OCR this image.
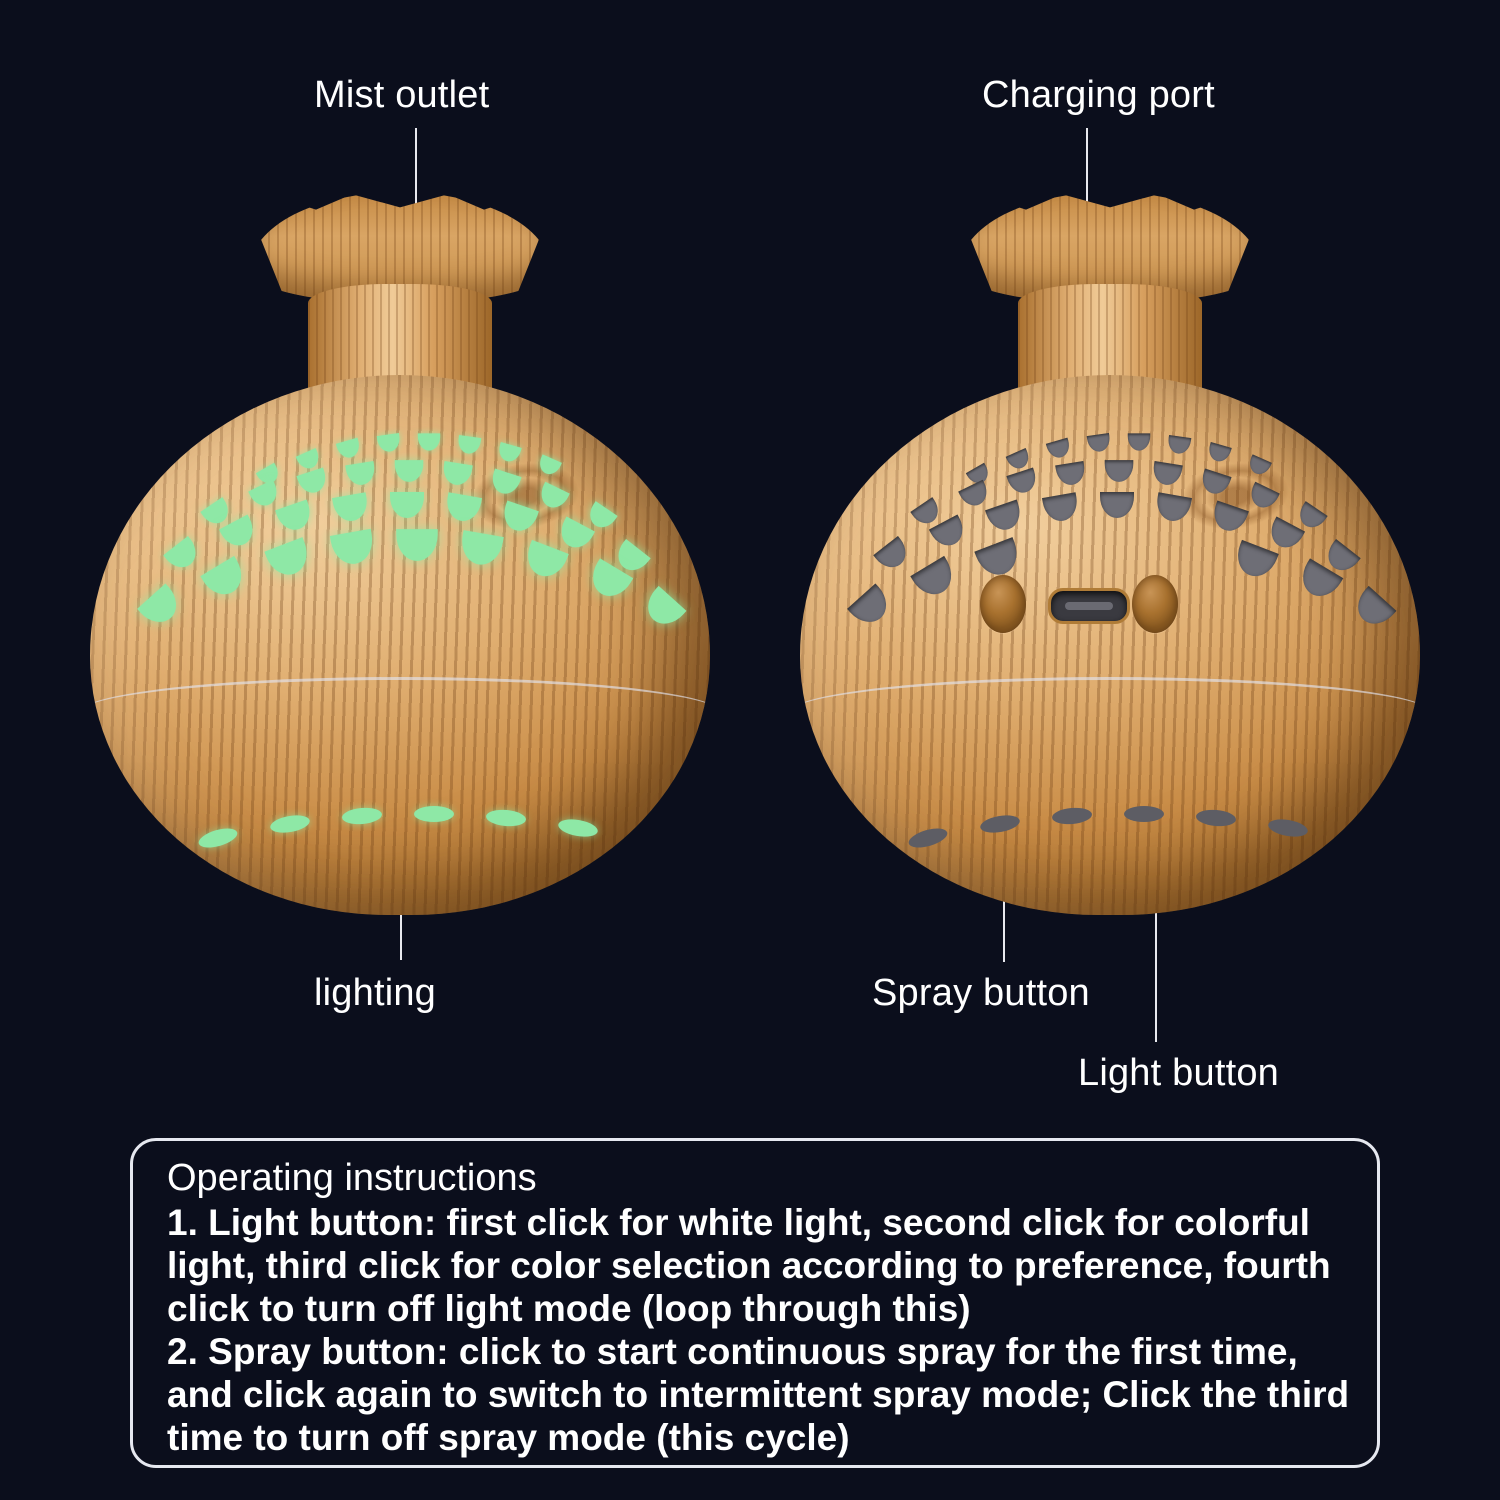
Mist outlet	Charging port
lighting	Spray button
Light button
Operating instructions

1. Light button: first click for white light, second click for colorful light, third click for color selection according to preference, fourth click to turn off light mode (loop through this)

2. Spray button: click to start continuous spray for the first time, and click again to switch to intermittent spray mode; Click the third time to turn off spray mode (this cycle)
